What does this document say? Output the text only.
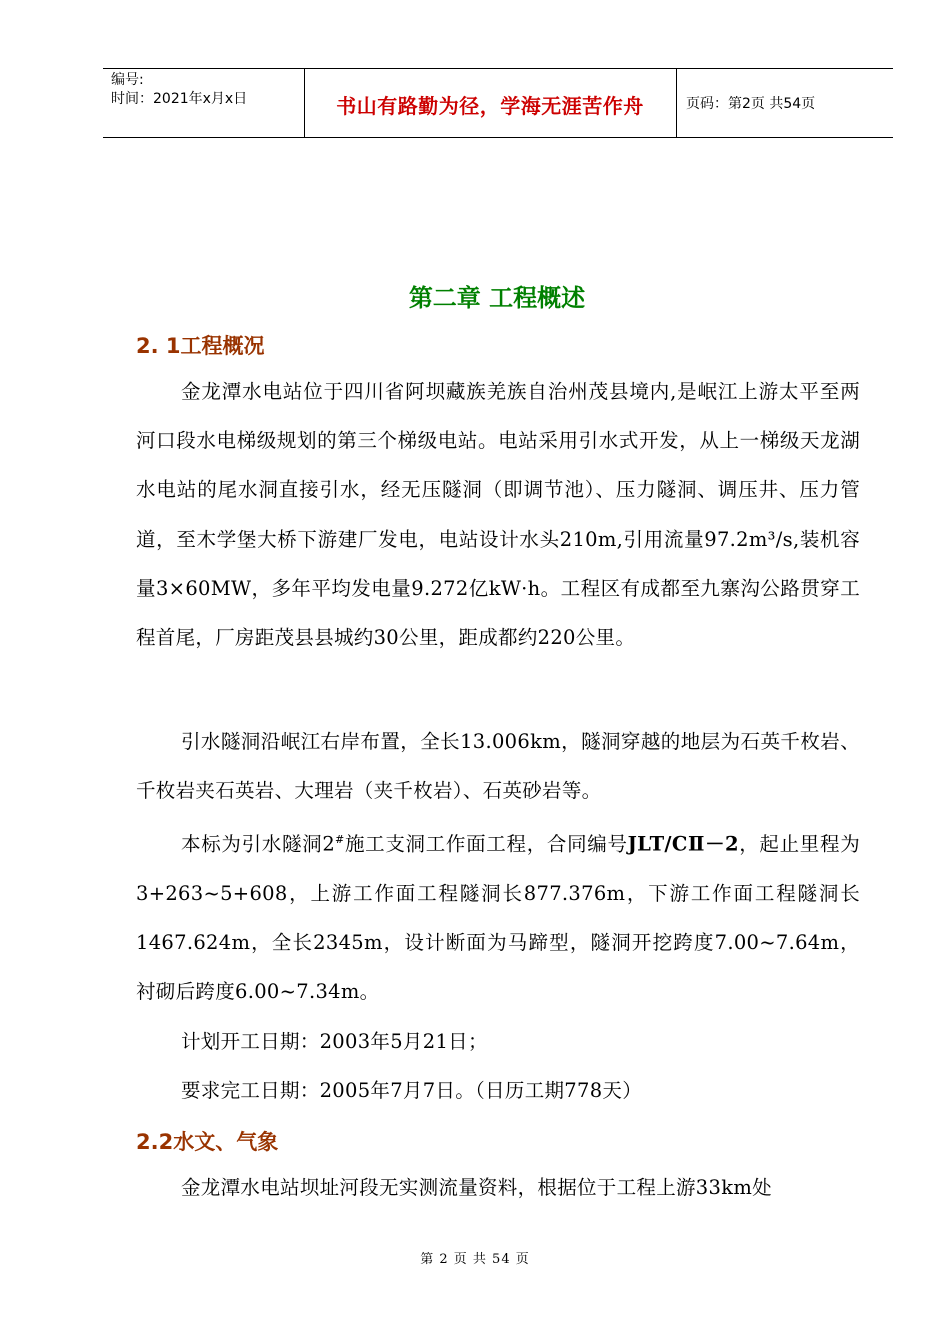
编号:
时间：2021年x月x日	书山有路勤为径，学海无涯苦作舟	页码：第2页 共54页
第二章 工程概述
2. 1工程概况
金龙潭水电站位于四川省阿坝藏族羌族自治州茂县境内,是岷江上游太平至两河口段水电梯级规划的第三个梯级电站。电站采用引水式开发，从上一梯级天龙湖水电站的尾水洞直接引水，经无压隧洞（即调节池）、压力隧洞、调压井、压力管道，至木学堡大桥下游建厂发电，电站设计水头210m,引用流量97.2m³/s,装机容量3×60MW，多年平均发电量9.272亿kW·h。工程区有成都至九寨沟公路贯穿工程首尾，厂房距茂县县城约30公里，距成都约220公里。
引水隧洞沿岷江右岸布置，全长13.006km，隧洞穿越的地层为石英千枚岩、千枚岩夹石英岩、大理岩（夹千枚岩）、石英砂岩等。
本标为引水隧洞2#施工支洞工作面工程，合同编号JLT/CⅡ－2，起止里程为3+263~5+608，上游工作面工程隧洞长877.376m，下游工作面工程隧洞长1467.624m，全长2345m，设计断面为马蹄型，隧洞开挖跨度7.00~7.64m，衬砌后跨度6.00~7.34m。
计划开工日期：2003年5月21日；
要求完工日期：2005年7月7日。（日历工期778天）
2.2水文、气象
金龙潭水电站坝址河段无实测流量资料，根据位于工程上游33km处
第 2 页 共 54 页
